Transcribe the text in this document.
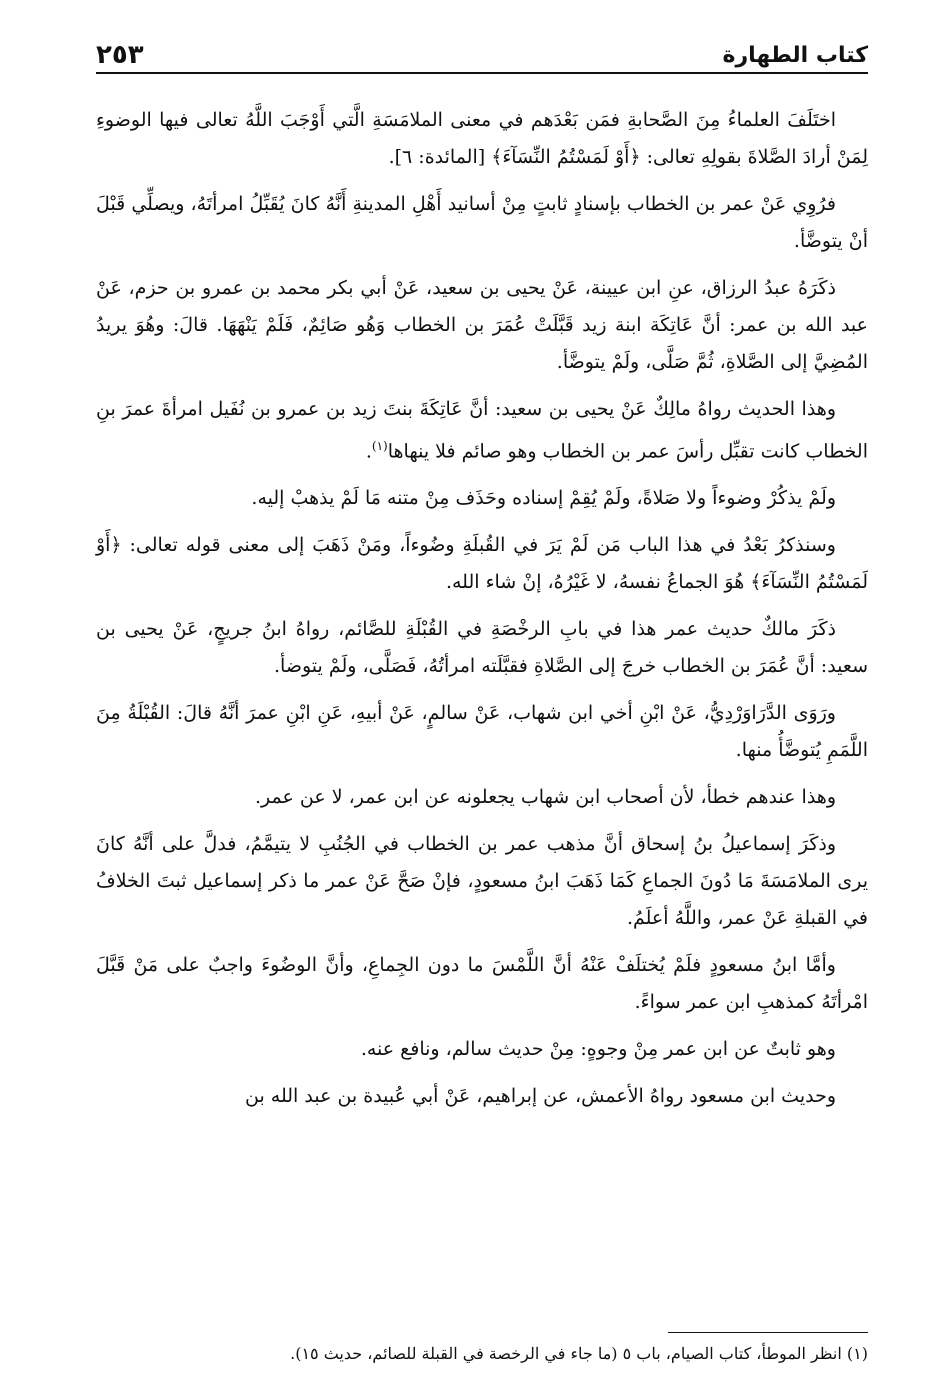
كتاب الطهارة
٢٥٣

اختَلَفَ العلماءُ مِنَ الصَّحابةِ فمَن بَعْدَهم في معنى الملامَسَةِ الَّتي أَوْجَبَ اللَّهُ تعالى فيها الوضوءِ لِمَنْ أرادَ الصَّلاةَ بقولِهِ تعالى: ﴿أَوْ لَمَسْتُمُ النِّسَآءَ﴾ [المائدة: ٦].

فرُوِي عَنْ عمر بن الخطاب بإسنادٍ ثابتٍ مِنْ أسانيد أَهْلِ المدينةِ أَنَّهُ كانَ يُقَبِّلُ امرأتَهُ، ويصلِّي قَبْلَ أنْ يتوضَّأ.

ذكَرَهُ عبدُ الرزاق، عنِ ابن عيينة، عَنْ يحيى بن سعيد، عَنْ أبي بكر محمد بن عمرو بن حزم، عَنْ عبد الله بن عمر: أنَّ عَاتِكَة ابنة زيد قَبَّلَتْ عُمَرَ بن الخطاب وَهُو صَائِمٌ، فَلَمْ يَنْهَهَا. قالَ: وهُوَ يريدُ المُضِيَّ إلى الصَّلاةِ، ثُمَّ صَلَّى، ولَمْ يتوضَّأ.

وهذا الحديث رواهُ مالِكٌ عَنْ يحيى بن سعيد: أنَّ عَاتِكَةَ بنتَ زيد بن عمرو بن نُفَيل امرأةَ عمرَ بنِ الخطاب كانت تقبِّل رأسَ عمر بن الخطاب وهو صائم فلا ينهاها$^{(١)}$.

ولَمْ يذكُرْ وضوءاً ولا صَلاةً، ولَمْ يُقِمْ إسناده وحَذَف مِنْ متنه مَا لَمْ يذهبْ إليه.

وسنذكرُ بَعْدُ في هذا الباب مَن لَمْ يَرَ في القُبلَةِ وضُوءاً، ومَنْ ذَهَبَ إلى معنى قوله تعالى: ﴿أَوْ لَمَسْتُمُ النِّسَآءَ﴾ هُوَ الجماعُ نفسهُ، لا غَيْرُهُ، إنْ شاء الله.

ذكَرَ مالكٌ حديث عمر هذا في بابِ الرخْصَةِ في القُبْلَةِ للصَّائم، رواهُ ابنُ جريجٍ، عَنْ يحيى بن سعيد: أنَّ عُمَرَ بن الخطاب خرجَ إلى الصَّلاةِ فقبَّلَته امرأتُهُ، فَصَلَّى، ولَمْ يتوضأ.

ورَوَى الدَّرَاوَرْدِيُّ، عَنْ ابْنِ أخي ابن شهاب، عَنْ سالمٍ، عَنْ أبيهِ، عَنِ ابْنِ عمرَ أنَّهُ قالَ: القُبْلَةُ مِنَ اللَّمَمِ يُتوضَّأُ منها.

وهذا عندهم خطأ، لأن أصحاب ابن شهاب يجعلونه عن ابن عمر، لا عن عمر.

وذكَرَ إسماعيلُ بنُ إسحاق أنَّ مذهب عمر بن الخطاب في الجُنُبِ لا يتيمَّمُ، فدلَّ على أنَّهُ كانَ يرى الملامَسَةَ مَا دُونَ الجماعِ كَمَا ذَهَبَ ابنُ مسعودٍ، فإنْ صَحَّ عَنْ عمر ما ذكر إسماعيل ثبتَ الخلافُ في القبلةِ عَنْ عمر، واللَّهُ أعلَمُ.

وأمَّا ابنُ مسعودٍ فلَمْ يُختلَفْ عَنْهُ أنَّ اللَّمْسَ ما دون الجِماعِ، وأنَّ الوضُوءَ واجبٌ على مَنْ قَبَّلَ امْرأتَهُ كمذهبِ ابن عمر سواءً.

وهو ثابتٌ عن ابن عمر مِنْ وجوهٍ: مِنْ حديث سالم، ونافع عنه.

وحديث ابن مسعود رواهُ الأعمش، عن إبراهيم، عَنْ أبي عُبيدة بن عبد الله بن

(١) انظر الموطأ، كتاب الصيام، باب ٥ (ما جاء في الرخصة في القبلة للصائم، حديث ١٥).
